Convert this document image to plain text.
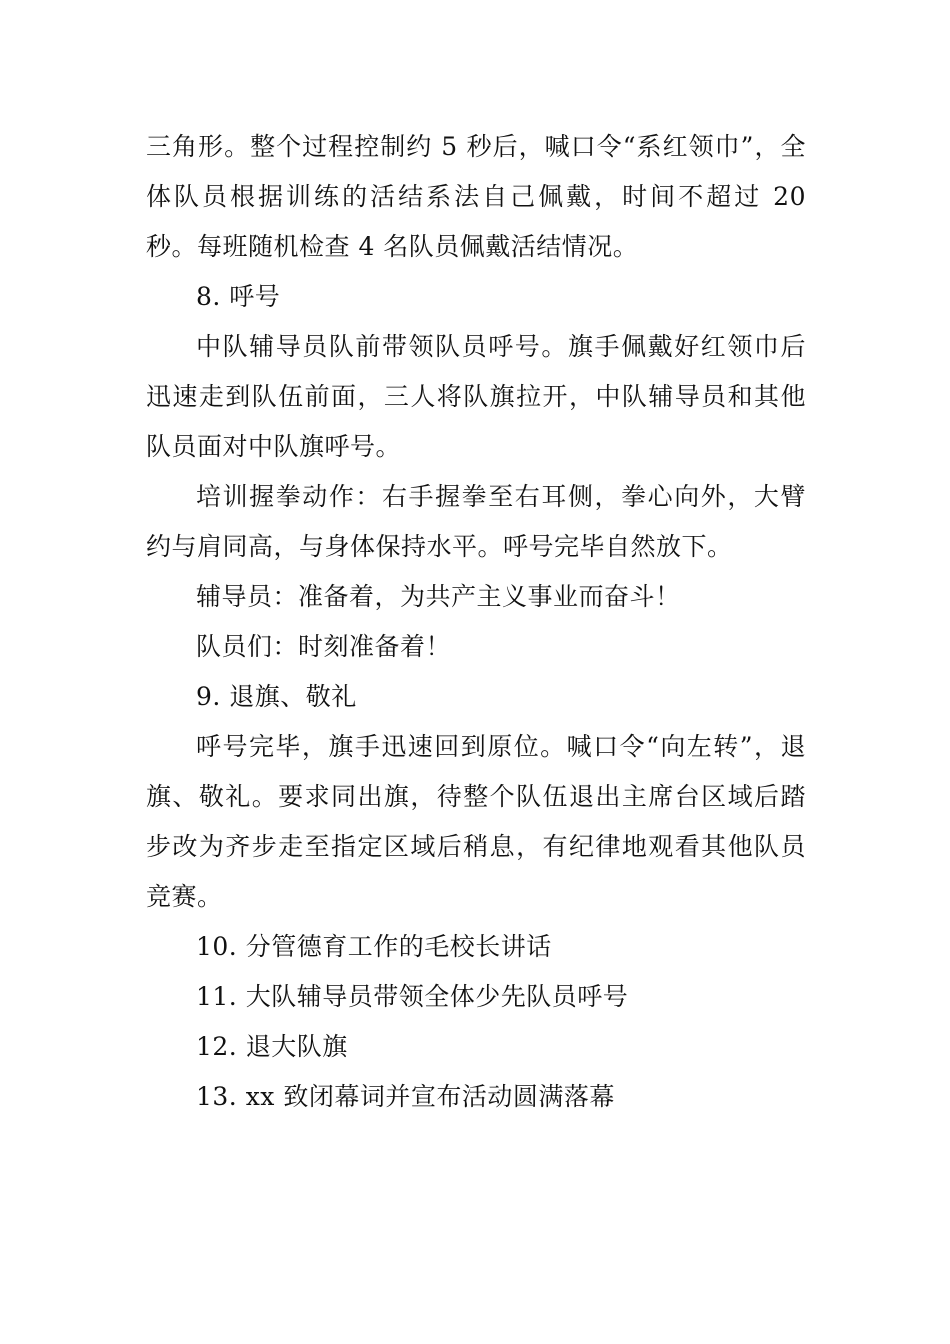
三角形。整个过程控制约 5 秒后，喊口令“系红领巾”，全体队员根据训练的活结系法自己佩戴，时间不超过 20 秒。每班随机检查 4 名队员佩戴活结情况。

8. 呼号

中队辅导员队前带领队员呼号。旗手佩戴好红领巾后迅速走到队伍前面，三人将队旗拉开，中队辅导员和其他队员面对中队旗呼号。

培训握拳动作：右手握拳至右耳侧，拳心向外，大臂约与肩同高，与身体保持水平。呼号完毕自然放下。

辅导员：准备着，为共产主义事业而奋斗！

队员们：时刻准备着！

9. 退旗、敬礼

呼号完毕，旗手迅速回到原位。喊口令“向左转”，退旗、敬礼。要求同出旗，待整个队伍退出主席台区域后踏步改为齐步走至指定区域后稍息，有纪律地观看其他队员竞赛。

10. 分管德育工作的毛校长讲话

11. 大队辅导员带领全体少先队员呼号

12. 退大队旗

13. xx 致闭幕词并宣布活动圆满落幕
